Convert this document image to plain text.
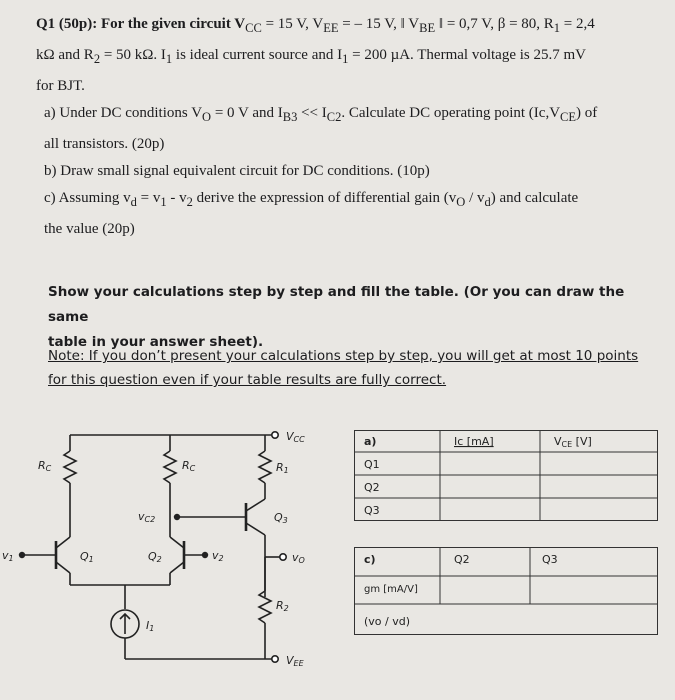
Q1 (50p): For the given circuit $V_{CC} = 15$ V, $V_{EE}$ = – 15 V, ‖ $V_{BE}$ ‖ = 0,7 V, β = 80, $R_1 = 2,4$

kΩ and $R_2 = 50$ kΩ. $I_1$ is ideal current source and $I_1 = 200$ µA. Thermal voltage is 25.7 mV

for BJT.

a) Under DC conditions $V_O = 0$ V and $I_{B3} << I_{C2}$. Calculate DC operating point $(Ic,V_{CE})$ of

all transistors. (20p)

b) Draw small signal equivalent circuit for DC conditions. (10p)

c) Assuming $v_d = v_1 - v_2$ derive the expression of differential gain $(v_O / v_d)$ and calculate

the value (20p)

Show your calculations step by step and fill the table. (Or you can draw the same
table in your answer sheet).
Note: If you don’t present your calculations step by step, you will get at most 10 points
for this question even if your table results are fully correct.
VCC
VEE
RC	RC	R1
R2
Q1	Q2
Q3
vC2
v1	v2	vO
I1
a)	Ic [mA]	VCE [V]
Q1
Q2
Q3
c)	Q2	Q3
gm [mA/V]
(vo / vd)
